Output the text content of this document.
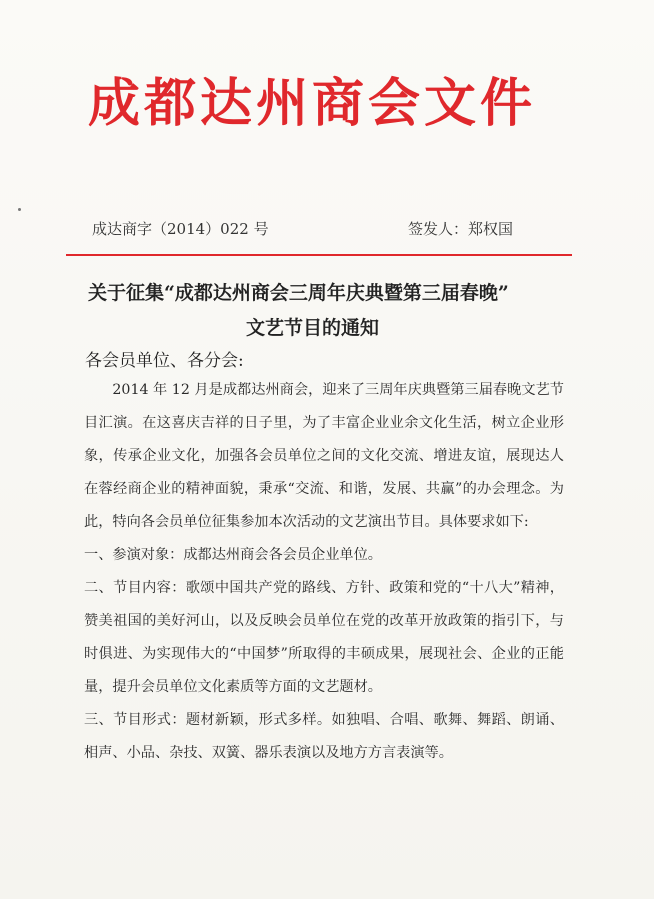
成都达州商会文件
成达商字（2014）022 号	签发人：郑权国
关于征集“成都达州商会三周年庆典暨第三届春晚”
文艺节目的通知
各会员单位、各分会:

2014 年 12 月是成都达州商会，迎来了三周年庆典暨第三届春晚文艺节目汇演。在这喜庆吉祥的日子里，为了丰富企业业余文化生活，树立企业形象，传承企业文化，加强各会员单位之间的文化交流、增进友谊，展现达人在蓉经商企业的精神面貌，秉承“交流、和谐，发展、共赢”的办会理念。为此，特向各会员单位征集参加本次活动的文艺演出节目。具体要求如下:

一、参演对象：成都达州商会各会员企业单位。

二、节目内容：歌颂中国共产党的路线、方针、政策和党的“十八大”精神，赞美祖国的美好河山，以及反映会员单位在党的改革开放政策的指引下，与时俱进、为实现伟大的“中国梦”所取得的丰硕成果，展现社会、企业的正能量，提升会员单位文化素质等方面的文艺题材。

三、节目形式：题材新颖，形式多样。如独唱、合唱、歌舞、舞蹈、朗诵、相声、小品、杂技、双簧、器乐表演以及地方方言表演等。
